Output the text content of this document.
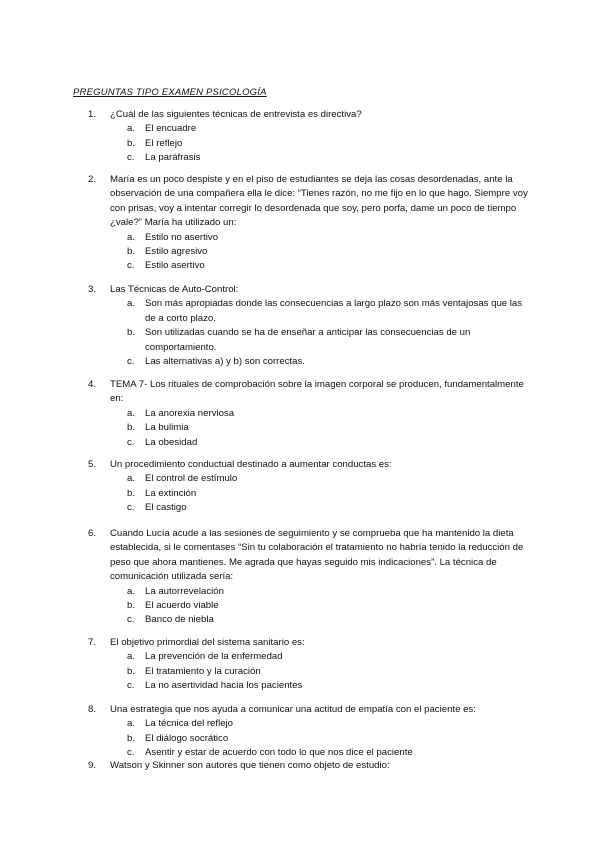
PREGUNTAS TIPO EXAMEN PSICOLOGÍA
1.	¿Cuál de las siguientes técnicas de entrevista es directiva?
a. El encuadre
b. El reflejo
c. La paráfrasis
2.	María es un poco despiste y en el piso de estudiantes se deja las cosas desordenadas, ante la observación de una compañera ella le dice: “Tienes razón, no me fijo en lo que hago. Siempre voy con prisas, voy a intentar corregir lo desordenada que soy, pero porfa, dame un poco de tiempo ¿vale?” María ha utilizado un:
a. Estilo no asertivo
b. Estilo agresivo
c. Estilo asertivo
3.	Las Técnicas de Auto-Control:
a. Son más apropiadas donde las consecuencias a largo plazo son más ventajosas que las de a corto plazo.
b. Son utilizadas cuando se ha de enseñar a anticipar las consecuencias de un comportamiento.
c. Las alternativas a) y b) son correctas.
4.	TEMA 7- Los rituales de comprobación sobre la imagen corporal se producen, fundamentalmente en:
a. La anorexia nerviosa
b. La bulimia
c. La obesidad
5.	Un procedimiento conductual destinado a aumentar conductas es:
a. El control de estímulo
b. La extinción
c. El castigo
6.	Cuando Lucía acude a las sesiones de seguimiento y se comprueba que ha mantenido la dieta establecida, si le comentases “Sin tu colaboración el tratamiento no habría tenido la reducción de peso que ahora mantienes. Me agrada que hayas seguido mis indicaciones”. La técnica de comunicación utilizada sería:
a. La autorrevelación
b. El acuerdo viable
c. Banco de niebla
7.	El objetivo primordial del sistema sanitario es:
a. La prevención de la enfermedad
b. El tratamiento y la curación
c. La no asertividad hacia los pacientes
8.	Una estrategia que nos ayuda a comunicar una actitud de empatía con el paciente es:
a. La técnica del reflejo
b. El diálogo socrático
c. Asentir y estar de acuerdo con todo lo que nos dice el paciente
9.	Watson y Skinner son autores que tienen como objeto de estudio:
